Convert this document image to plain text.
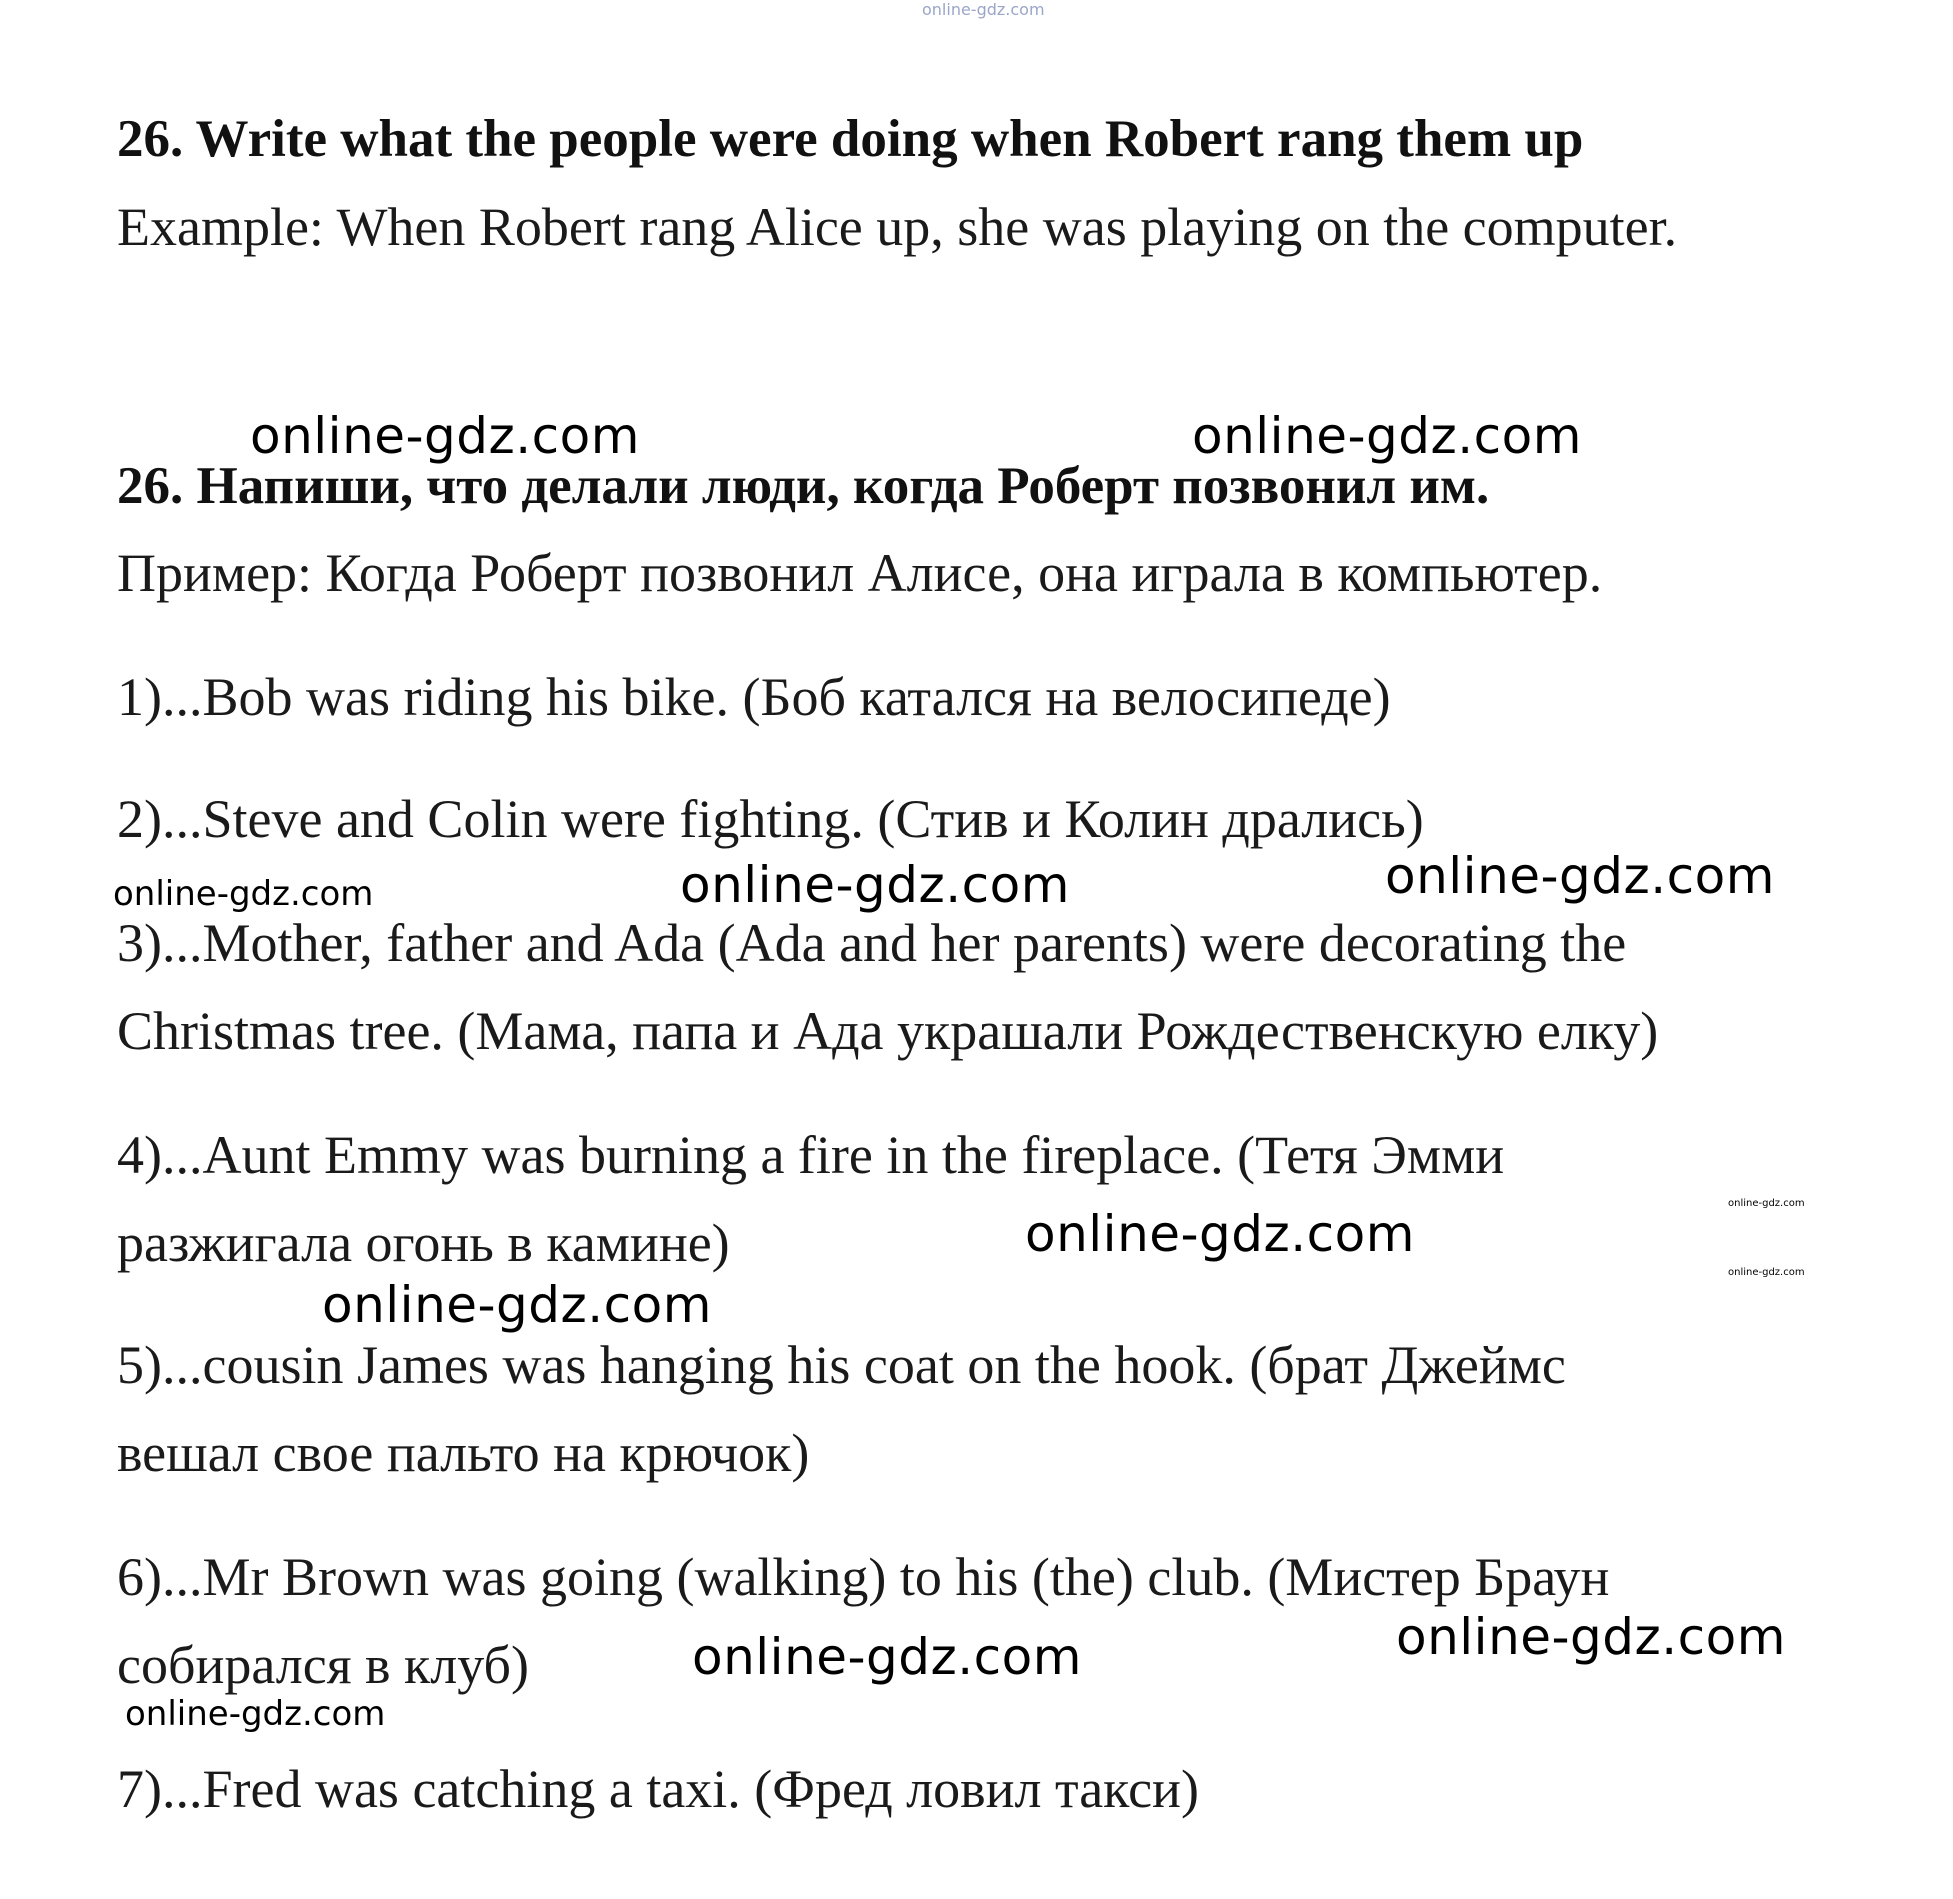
online-gdz.com
26. Write what the people were doing when Robert rang them up

Example: When Robert rang Alice up, she was playing on the computer.

online-gdz.com	online-gdz.com
26. Напиши, что делали люди, когда Роберт позвонил им.

Пример: Когда Роберт позвонил Алисе, она играла в компьютер.

1)...Bob was riding his bike. (Боб катался на велосипеде)

2)...Steve and Colin were fighting. (Стив и Колин дрались)

online-gdz.com	online-gdz.com	online-gdz.com

3)...Mother, father and Ada (Ada and her parents) were decorating the

Christmas tree. (Мама, папа и Ада украшали Рождественскую елку)

4)...Aunt Emmy was burning a fire in the fireplace. (Тетя Эмми

online-gdz.com

разжигала огонь в камине)	online-gdz.com
online-gdz.com
online-gdz.com

5)...cousin James was hanging his coat on the hook. (брат Джеймс

вешал свое пальто на крючок)

6)...Mr Brown was going (walking) to his (the) club. (Мистер Браун

online-gdz.com

собирался в клуб)	online-gdz.com
online-gdz.com

7)...Fred was catching a taxi. (Фред ловил такси)
